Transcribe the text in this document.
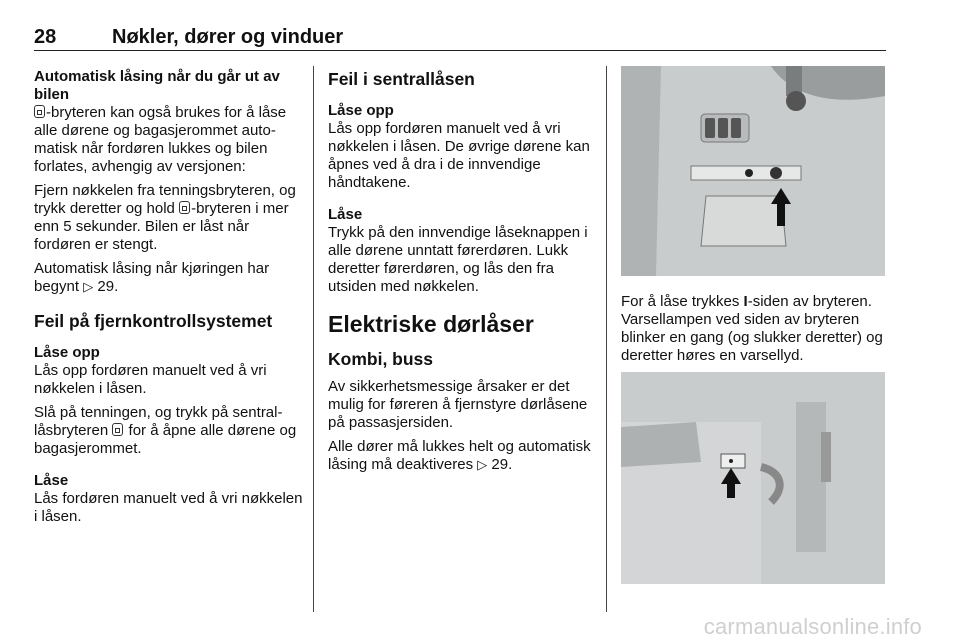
28	Nøkler, dører og vinduer
Automatisk låsing når du går ut av bilen

-bryteren kan også brukes for å låse alle dørene og bagasjerommet automatisk når fordøren lukkes og bilen forlates, avhengig av versjonen:

Fjern nøkkelen fra tenningsbryteren, og trykk deretter og hold -bryteren i mer enn 5 sekunder. Bilen er låst når fordøren er stengt.

Automatisk låsing når kjøringen har begynt ▷ 29.

Feil på fjernkontrollsystemet
Låse opp

Lås opp fordøren manuelt ved å vri nøkkelen i låsen.

Slå på tenningen, og trykk på sentrallåsbryteren  for å åpne alle dørene og bagasjerommet.

Låse

Lås fordøren manuelt ved å vri nøkkelen i låsen.

Feil i sentrallåsen
Låse opp

Lås opp fordøren manuelt ved å vri nøkkelen i låsen. De øvrige dørene kan åpnes ved å dra i de innvendige håndtakene.

Låse

Trykk på den innvendige låseknappen i alle dørene unntatt førerdøren. Lukk deretter førerdøren, og lås den fra utsiden med nøkkelen.

Elektriske dørlåser
Kombi, buss

Av sikkerhetsmessige årsaker er det mulig for føreren å fjernstyre dørlåsene på passasjersiden.

Alle dører må lukkes helt og automatisk låsing må deaktiveres ▷ 29.

For å låse trykkes I-siden av bryteren. Varsellampen ved siden av bryteren blinker en gang (og slukker deretter) og deretter høres en varsellyd.

carmanualsonline.info
